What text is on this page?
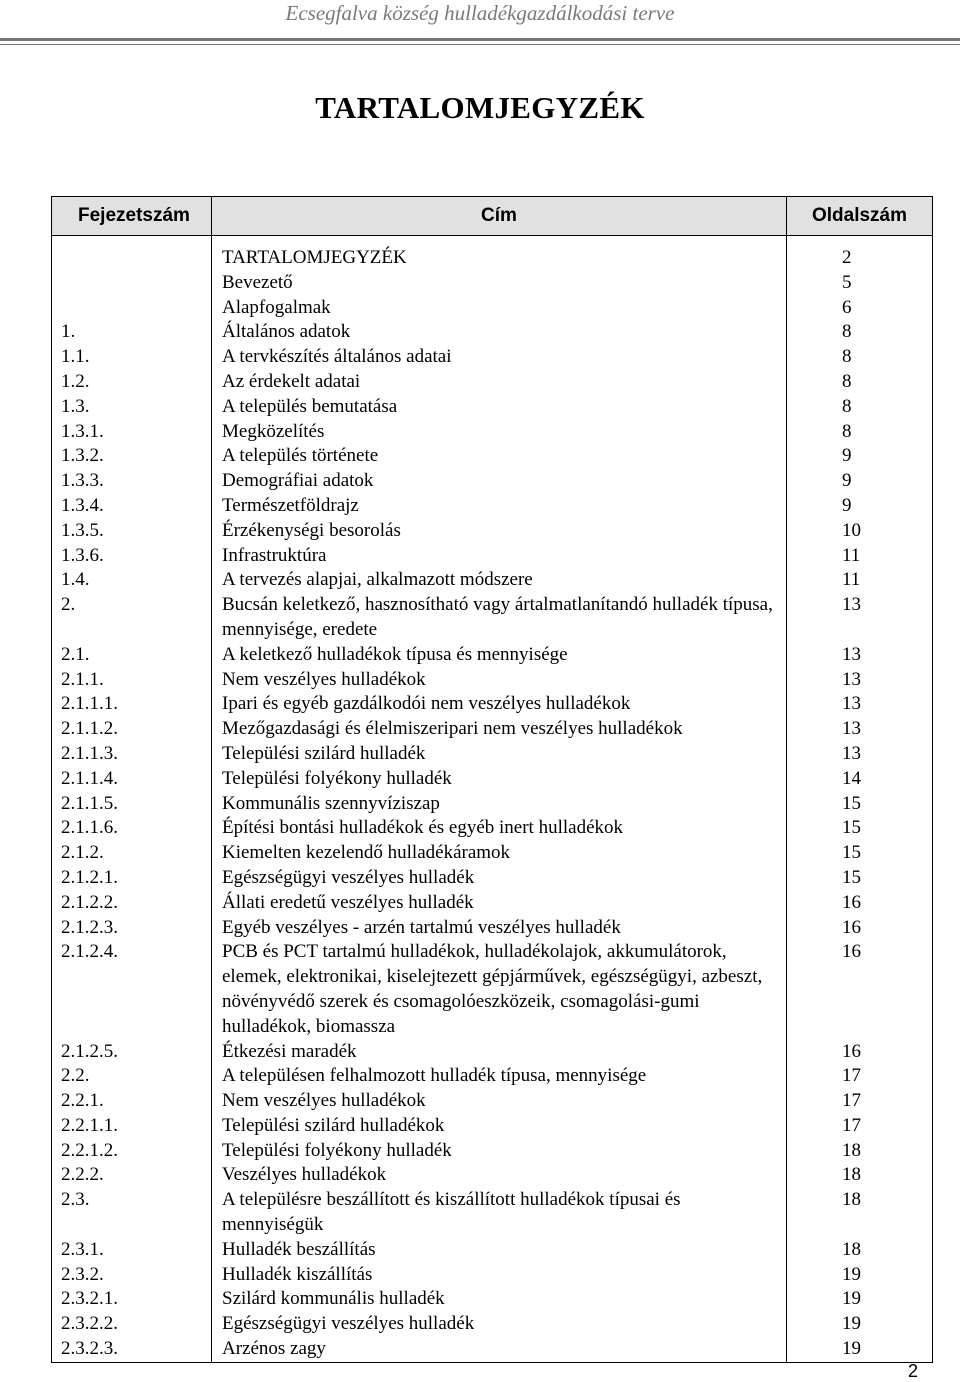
Ecsegfalva község hulladékgazdálkodási terve
TARTALOMJEGYZÉK
Fejezetszám	Cím	Oldalszám

	TARTALOMJEGYZÉK	2
	Bevezető	5
	Alapfogalmak	6
1.	Általános adatok	8
1.1.	A tervkészítés általános adatai	8
1.2.	Az érdekelt adatai	8
1.3.	A település bemutatása	8
1.3.1.	Megközelítés	8
1.3.2.	A település története	9
1.3.3.	Demográfiai adatok	9
1.3.4.	Természetföldrajz	9
1.3.5.	Érzékenységi besorolás	10
1.3.6.	Infrastruktúra	11
1.4.	A tervezés alapjai, alkalmazott módszere	11
2.	Bucsán keletkező, hasznosítható vagy ártalmatlanítandó hulladék típusa, mennyisége, eredete	13
2.1.	A keletkező hulladékok típusa és mennyisége	13
2.1.1.	Nem veszélyes hulladékok	13
2.1.1.1.	Ipari és egyéb gazdálkodói nem veszélyes hulladékok	13
2.1.1.2.	Mezőgazdasági és élelmiszeripari nem veszélyes hulladékok	13
2.1.1.3.	Települési szilárd hulladék	13
2.1.1.4.	Települési folyékony hulladék	14
2.1.1.5.	Kommunális szennyvíziszap	15
2.1.1.6.	Építési bontási hulladékok és egyéb inert hulladékok	15
2.1.2.	Kiemelten kezelendő hulladékáramok	15
2.1.2.1.	Egészségügyi veszélyes hulladék	15
2.1.2.2.	Állati eredetű veszélyes hulladék	16
2.1.2.3.	Egyéb veszélyes - arzén tartalmú veszélyes hulladék	16
2.1.2.4.	PCB és PCT tartalmú hulladékok, hulladékolajok, akkumulátorok, elemek, elektronikai, kiselejtezett gépjárművek, egészségügyi, azbeszt, növényvédő szerek és csomagolóeszközeik, csomagolási-gumi hulladékok, biomassza	16
2.1.2.5.	Étkezési maradék	16
2.2.	A településen felhalmozott hulladék típusa, mennyisége	17
2.2.1.	Nem veszélyes hulladékok	17
2.2.1.1.	Települési szilárd hulladékok	17
2.2.1.2.	Települési folyékony hulladék	18
2.2.2.	Veszélyes hulladékok	18
2.3.	A településre beszállított és kiszállított hulladékok típusai és mennyiségük	18
2.3.1.	Hulladék beszállítás	18
2.3.2.	Hulladék kiszállítás	19
2.3.2.1.	Szilárd kommunális hulladék	19
2.3.2.2.	Egészségügyi veszélyes hulladék	19
2.3.2.3.	Arzénos zagy	19
2
